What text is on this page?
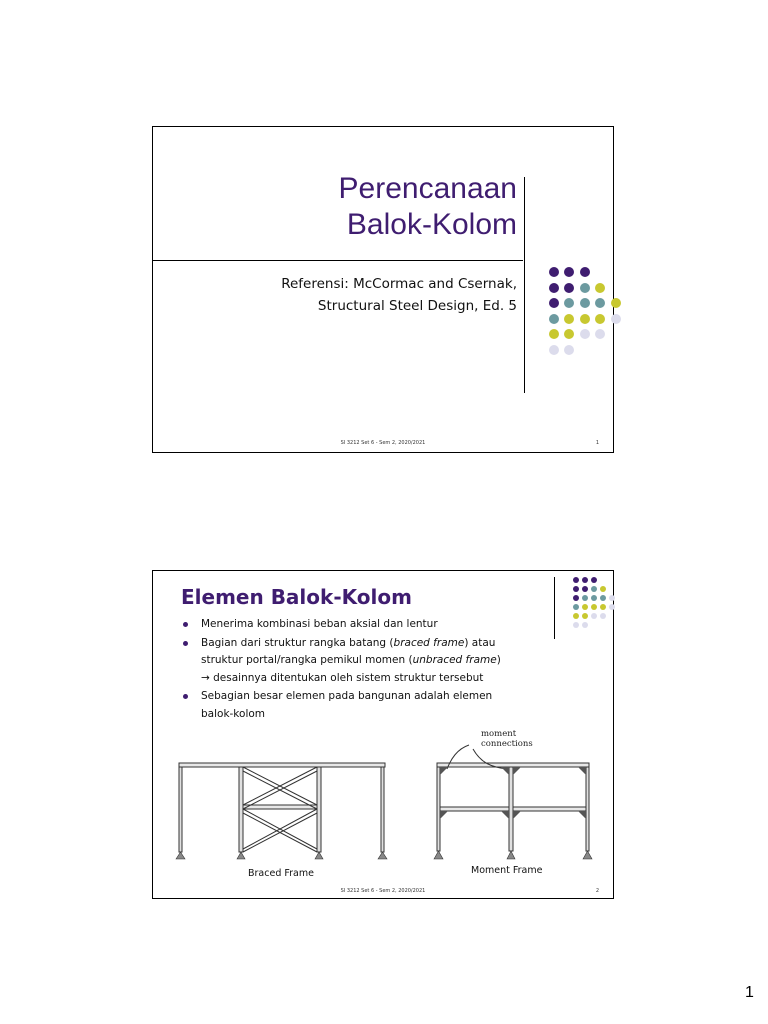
Perencanaan
Balok-Kolom
Referensi: McCormac and Csernak,
Structural Steel Design, Ed. 5
SI 3212 Set 6 - Sem 2, 2020/2021	1
Elemen Balok-Kolom
Menerima kombinasi beban aksial dan lentur
Bagian dari struktur rangka batang (braced frame) atau
struktur portal/rangka pemikul momen (unbraced frame)
→ desainnya ditentukan oleh sistem struktur tersebut
Sebagian besar elemen pada bangunan adalah elemen
balok-kolom
Braced Frame
moment
connections
Moment Frame
SI 3212 Set 6 - Sem 2, 2020/2021	2
1
